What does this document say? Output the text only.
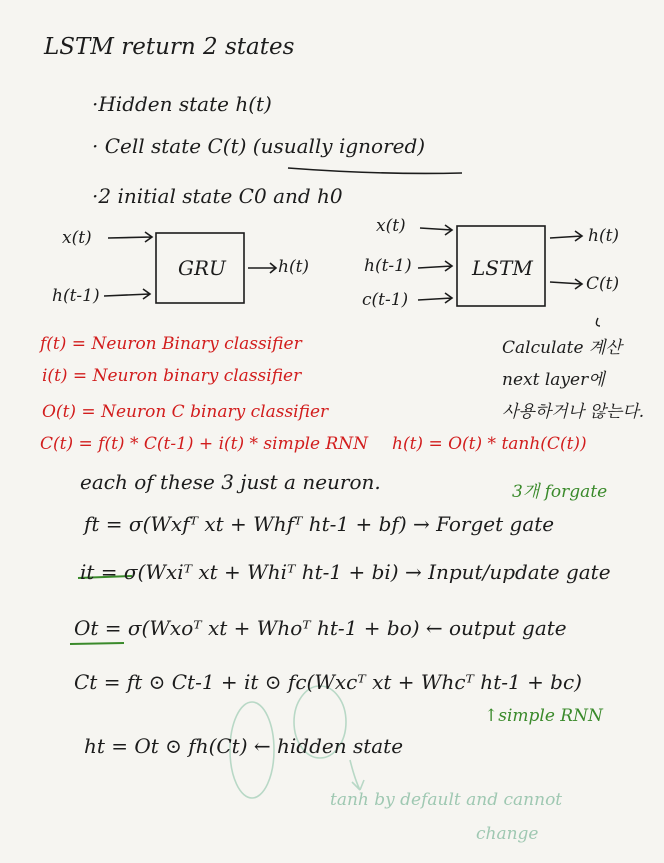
LSTM return 2 states
·Hidden state h(t)
· Cell state C(t) (usually ignored)
·2 initial state C0 and h0
x(t)
h(t-1)
GRU	h(t)
x(t)
h(t-1)
c(t-1)
LSTM
h(t)
C(t)
Calculate 계산
next layer에
사용하거나 않는다.
f(t) = Neuron Binary classifier
i(t) = Neuron binary classifier
O(t) = Neuron C binary classifier
C(t) = f(t) * C(t-1) + i(t) * simple RNN h(t) = O(t) * tanh(C(t))
each of these 3 just a neuron.	3개 forgate
ft = σ(Wxfᵀ xt + Whfᵀ ht-1 + bf) → Forget gate
it = σ(Wxiᵀ xt + Whiᵀ ht-1 + bi) → Input/update gate
Ot = σ(Wxoᵀ xt + Whoᵀ ht-1 + bo) ← output gate
Ct = ft ⊙ Ct-1 + it ⊙ fc(Wxcᵀ xt + Whcᵀ ht-1 + bc)
↑simple RNN
ht = Ot ⊙ fh(Ct) ← hidden state
tanh by default and cannot
change
